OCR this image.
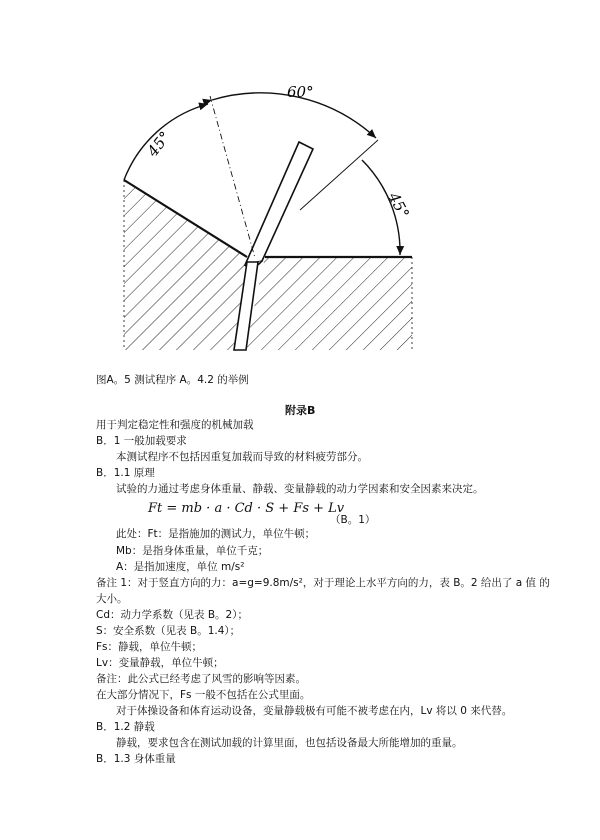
60°
45°
45°
图A。5 测试程序 A。4.2 的举例
附录B
用于判定稳定性和强度的机械加载
B．1 一般加载要求
本测试程序不包括因重复加载而导致的材料疲劳部分。
B．1.1 原理
试验的力通过考虑身体重量、静载、变量静载的动力学因素和安全因素来决定。
Ft = mb · a · Cd · S + Fs + Lv
（B。1）
此处：Ft：是指施加的测试力，单位牛顿；
Mb：是指身体重量，单位千克；
A：是指加速度，单位 m/s²
备注 1：对于竖直方向的力：a=g=9.8m/s²，对于理论上水平方向的力，表 B。2 给出了 a 值 的
大小。
Cd：动力学系数（见表 B。2）；
S：安全系数（见表 B。1.4）；
Fs：静载，单位牛顿；
Lv：变量静载，单位牛顿；
备注：此公式已经考虑了风雪的影响等因素。
在大部分情况下，Fs 一般不包括在公式里面。
对于体操设备和体育运动设备，变量静载极有可能不被考虑在内，Lv 将以 0 来代替。
B．1.2 静载
静载，要求包含在测试加载的计算里面，也包括设备最大所能增加的重量。
B．1.3 身体重量
